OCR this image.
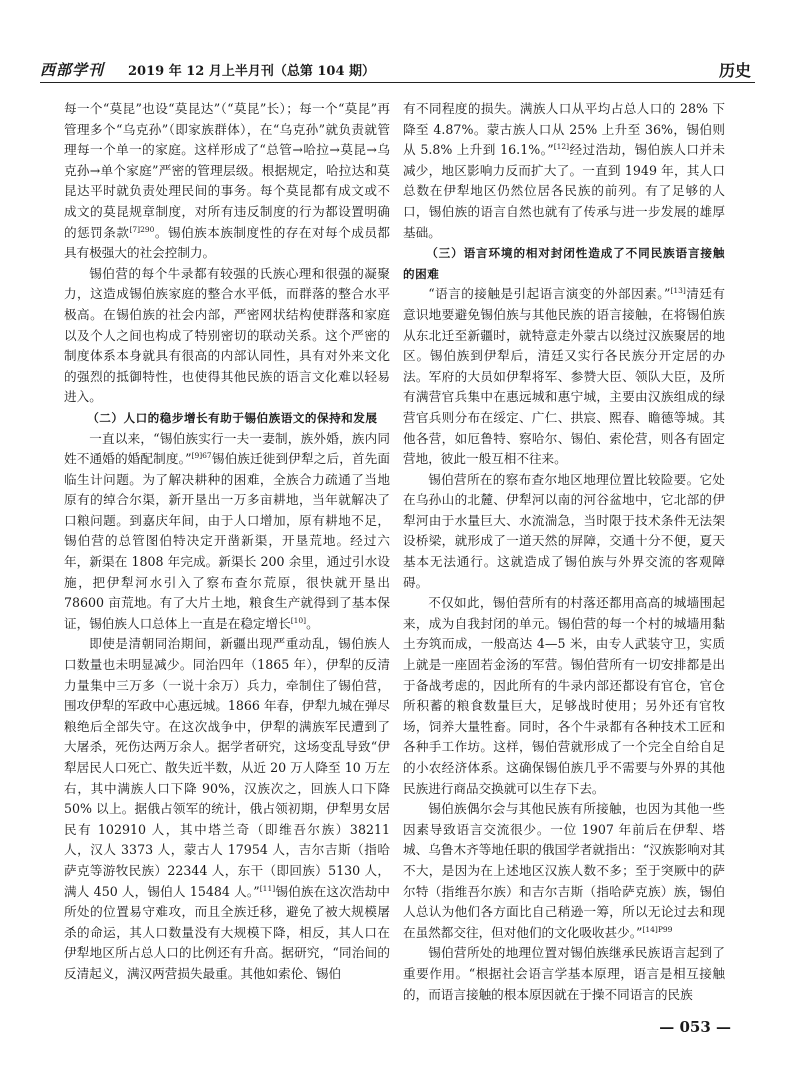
西部学刊 2019 年 12 月上半月刊（总第 104 期）	历史

每一个“莫昆”也设“莫昆达”（“莫昆”长）；每一个“莫昆”再管理多个“乌克孙”（即家族群体），在“乌克孙”就负责就管理每一个单一的家庭。这样形成了“总管→哈拉→莫昆→乌克孙→单个家庭”严密的管理层级。根据规定，哈拉达和莫昆达平时就负责处理民间的事务。每个莫昆都有成文或不成文的莫昆规章制度，对所有违反制度的行为都设置明确的惩罚条款$^{[7]290}$。锡伯族本族制度性的存在对每个成员都具有极强大的社会控制力。

锡伯营的每个牛录都有较强的氏族心理和很强的凝聚力，这造成锡伯族家庭的整合水平低，而群落的整合水平极高。在锡伯族的社会内部，严密网状结构使群落和家庭以及个人之间也构成了特别密切的联动关系。这个严密的制度体系本身就具有很高的内部认同性，具有对外来文化的强烈的抵御特性，也使得其他民族的语言文化难以轻易进入。

（二）人口的稳步增长有助于锡伯族语文的保持和发展

一直以来，“锡伯族实行一夫一妻制，族外婚，族内同姓不通婚的婚配制度。”$^{[9]67}$锡伯族迁徙到伊犁之后，首先面临生计问题。为了解决耕种的困难，全族合力疏通了当地原有的绰合尔渠，新开垦出一万多亩耕地，当年就解决了口粮问题。到嘉庆年间，由于人口增加，原有耕地不足，锡伯营的总管图伯特决定开凿新渠，开垦荒地。经过六年，新渠在 1808 年完成。新渠长 200 余里，通过引水设施，把伊犁河水引入了察布查尔荒原，很快就开垦出 78600 亩荒地。有了大片土地，粮食生产就得到了基本保证，锡伯族人口总体上一直是在稳定增长[10]。

即使是清朝同治期间，新疆出现严重动乱，锡伯族人口数量也未明显减少。同治四年（1865 年），伊犁的反清力量集中三万多（一说十余万）兵力，牵制住了锡伯营，围攻伊犁的军政中心惠远城。1866 年春，伊犁九城在弹尽粮绝后全部失守。在这次战争中，伊犁的满族军民遭到了大屠杀，死伤达两万余人。据学者研究，这场变乱导致“伊犁居民人口死亡、散失近半数，从近 20 万人降至 10 万左右，其中满族人口下降 90%，汉族次之，回族人口下降 50% 以上。据俄占领军的统计，俄占领初期，伊犁男女居民有 102910 人，其中塔兰奇（即维吾尔族）38211 人，汉人 3373 人，蒙古人 17954 人，吉尔吉斯（指哈萨克等游牧民族）22344 人，东干（即回族）5130 人，满人 450 人，锡伯人 15484 人。”[11]锡伯族在这次浩劫中所处的位置易守难攻，而且全族迁移，避免了被大规模屠杀的命运，其人口数量没有大规模下降，相反，其人口在伊犁地区所占总人口的比例还有升高。据研究，“同治间的反清起义，满汉两营损失最重。其他如索伦、锡伯

有不同程度的损失。满族人口从平均占总人口的 28% 下降至 4.87%。蒙古族人口从 25% 上升至 36%，锡伯则从 5.8% 上升到 16.1%。”[12]经过浩劫，锡伯族人口并未减少，地区影响力反而扩大了。一直到 1949 年，其人口总数在伊犁地区仍然位居各民族的前列。有了足够的人口，锡伯族的语言自然也就有了传承与进一步发展的雄厚基础。

（三）语言环境的相对封闭性造成了不同民族语言接触的困难

“语言的接触是引起语言演变的外部因素。”[13]清廷有意识地要避免锡伯族与其他民族的语言接触，在将锡伯族从东北迁至新疆时，就特意走外蒙古以绕过汉族聚居的地区。锡伯族到伊犁后，清廷又实行各民族分开定居的办法。军府的大员如伊犁将军、参赞大臣、领队大臣，及所有满营官兵集中在惠远城和惠宁城，主要由汉族组成的绿营官兵则分布在绥定、广仁、拱宸、熙春、瞻德等城。其他各营，如厄鲁特、察哈尔、锡伯、索伦营，则各有固定营地，彼此一般互相不往来。

锡伯营所在的察布查尔地区地理位置比较险要。它处在乌孙山的北麓、伊犁河以南的河谷盆地中，它北部的伊犁河由于水量巨大、水流湍急，当时限于技术条件无法架设桥梁，就形成了一道天然的屏障，交通十分不便，夏天基本无法通行。这就造成了锡伯族与外界交流的客观障碍。

不仅如此，锡伯营所有的村落还都用高高的城墙围起来，成为自我封闭的单元。锡伯营的每一个村的城墙用黏土夯筑而成，一般高达 4—5 米，由专人武装守卫，实质上就是一座固若金汤的军营。锡伯营所有一切安排都是出于备战考虑的，因此所有的牛录内部还都设有官仓，官仓所积蓄的粮食数量巨大，足够战时使用；另外还有官牧场，饲养大量牲畜。同时，各个牛录都有各种技术工匠和各种手工作坊。这样，锡伯营就形成了一个完全自给自足的小农经济体系。这确保锡伯族几乎不需要与外界的其他民族进行商品交换就可以生存下去。

锡伯族偶尔会与其他民族有所接触，也因为其他一些因素导致语言交流很少。一位 1907 年前后在伊犁、塔城、乌鲁木齐等地任职的俄国学者就指出：“汉族影响对其不大，是因为在上述地区汉族人数不多；至于突厥中的萨尔特（指维吾尔族）和吉尔吉斯（指哈萨克族）族，锡伯人总认为他们各方面比自己稍逊一筹，所以无论过去和现在虽然都交往，但对他们的文化吸收甚少。”$^{[14]P99}$

锡伯营所处的地理位置对锡伯族继承民族语言起到了重要作用。“根据社会语言学基本原理，语言是相互接触的，而语言接触的根本原因就在于操不同语言的民族

— 053 —
